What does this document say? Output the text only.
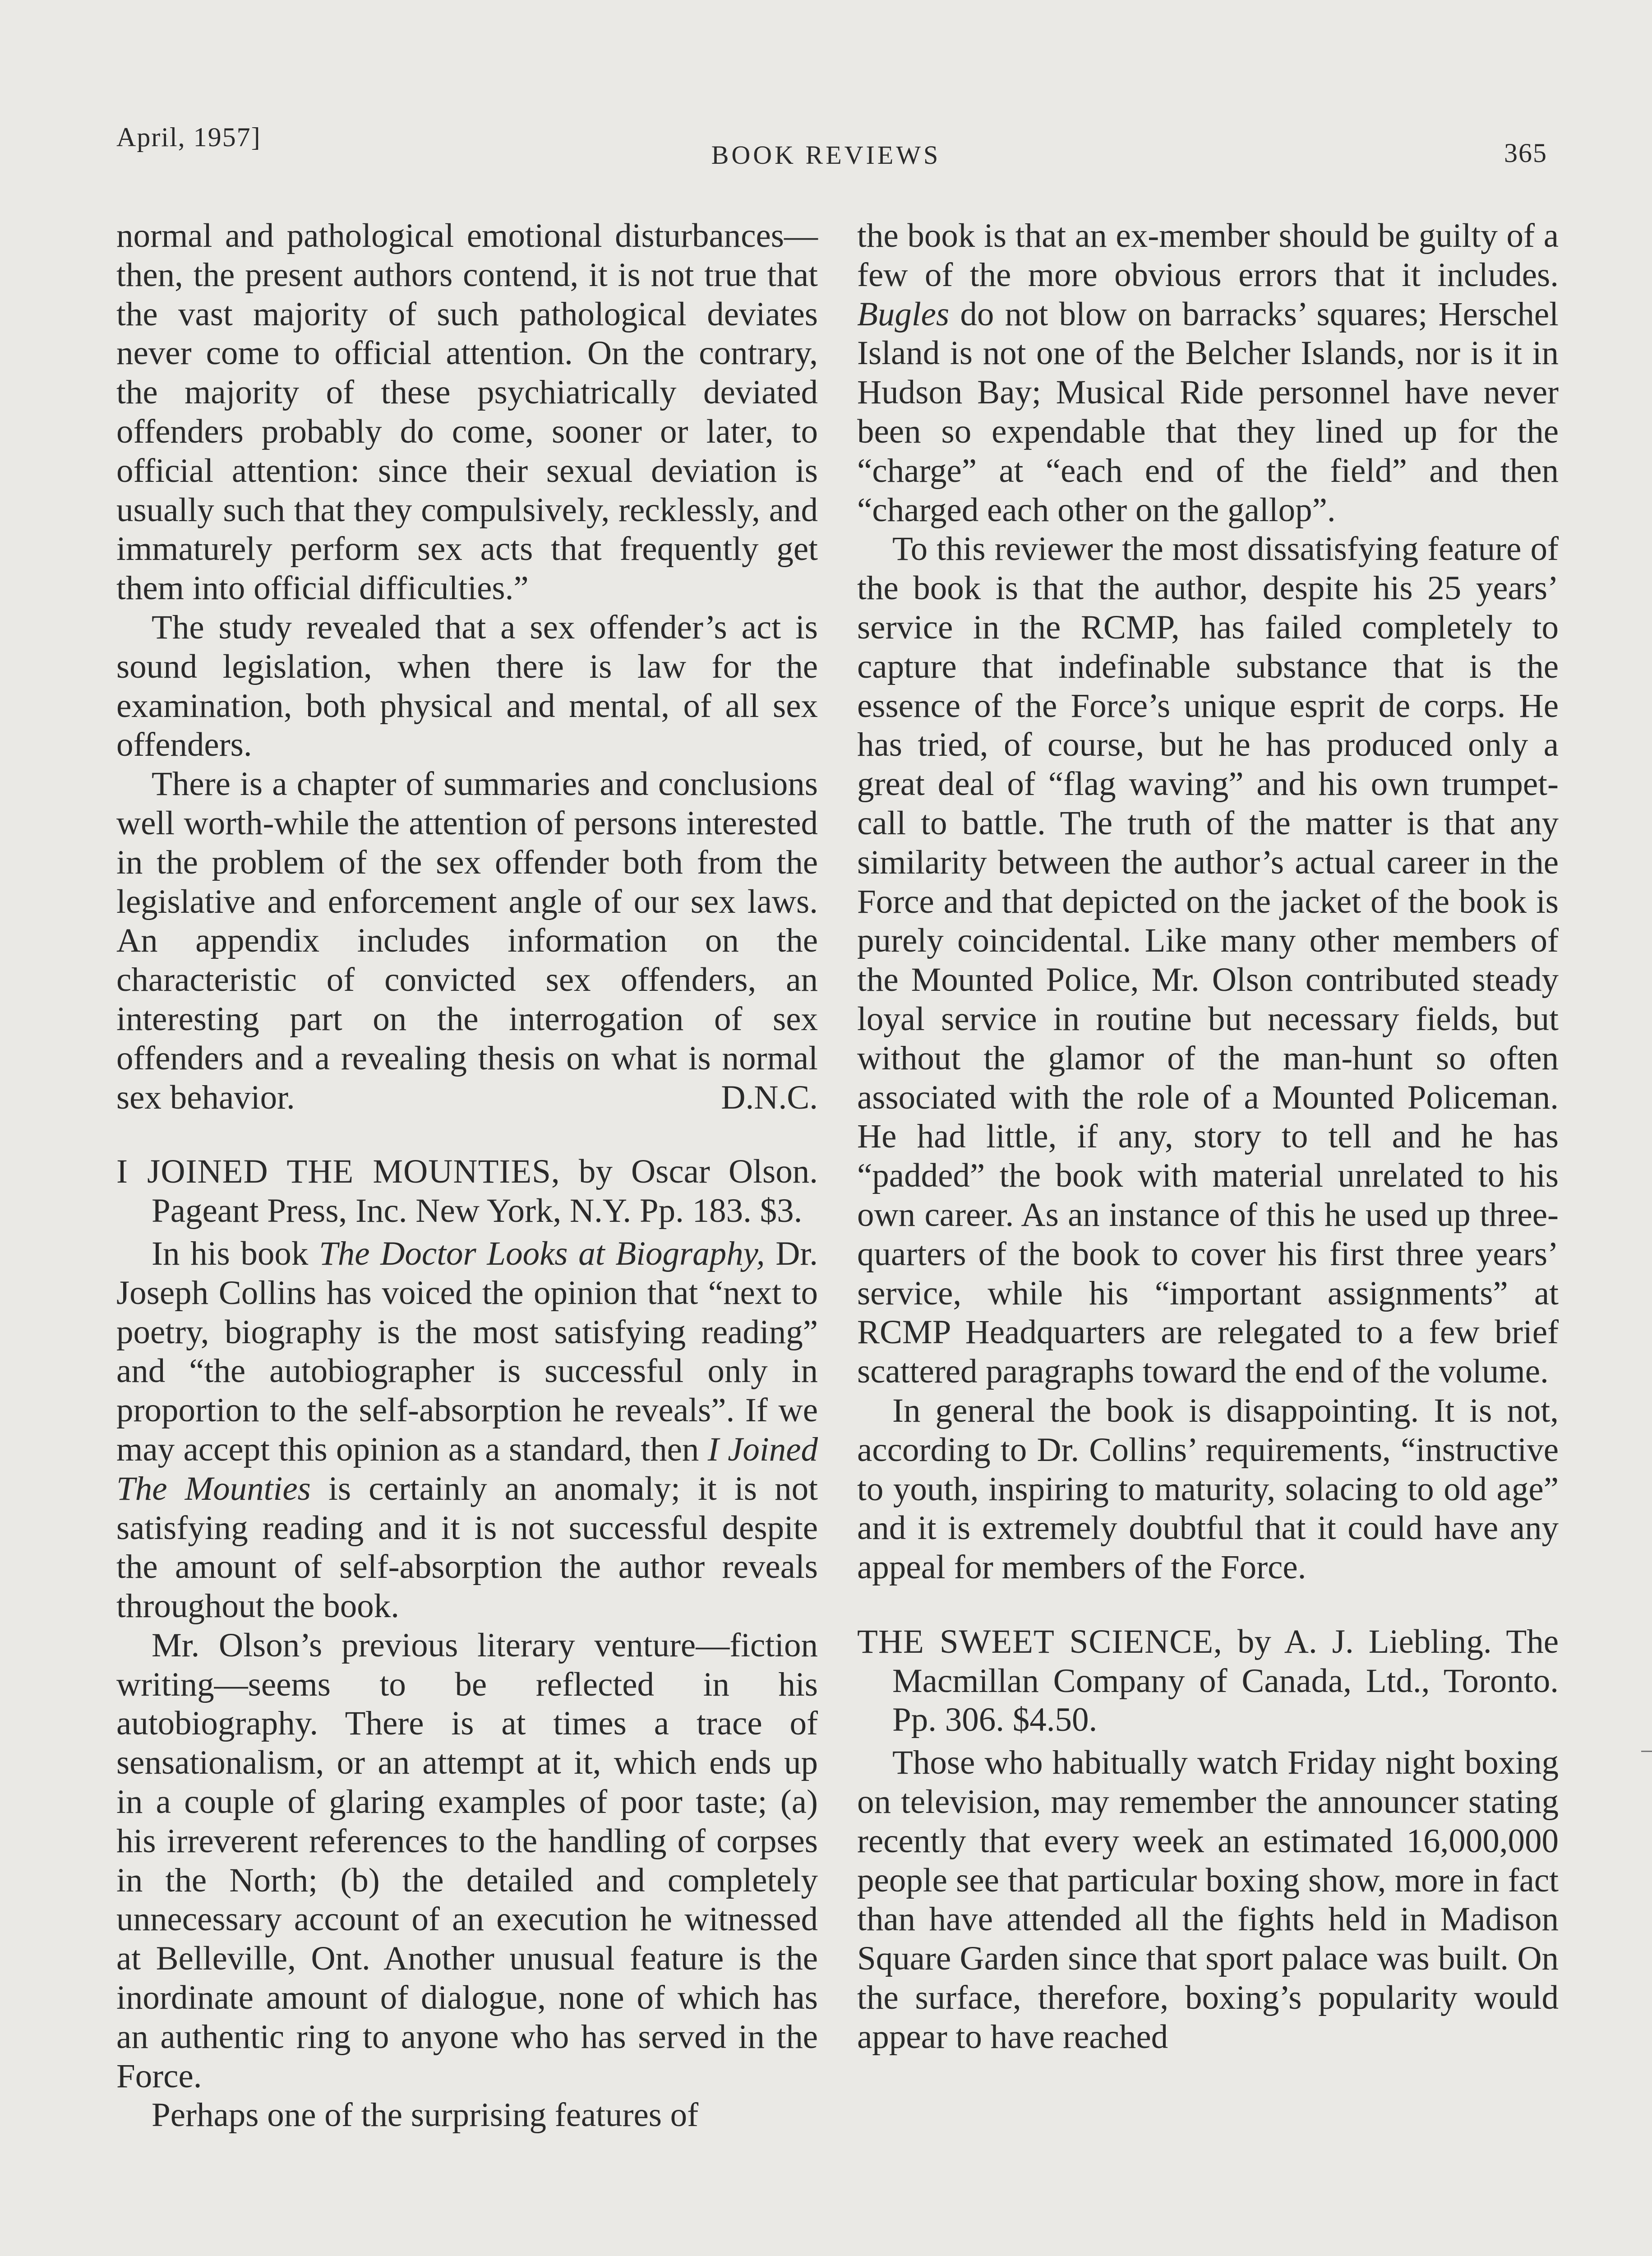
April, 1957]
BOOK REVIEWS	365

normal and pathological emotional disturbances—then, the present authors contend, it is not true that the vast majority of such pathological deviates never come to official attention. On the contrary, the majority of these psychiatrically deviated offenders probably do come, sooner or later, to official attention: since their sexual deviation is usually such that they compulsively, recklessly, and immaturely perform sex acts that frequently get them into official difficulties.”

The study revealed that a sex offender’s act is sound legislation, when there is law for the examination, both physical and mental, of all sex offenders.

There is a chapter of summaries and conclusions well worth-while the attention of persons interested in the problem of the sex offender both from the legislative and enforcement angle of our sex laws. An appendix includes information on the characteristic of convicted sex offenders, an interesting part on the interrogation of sex offenders and a revealing thesis on what is normal sex behavior.	D.N.C.

I JOINED THE MOUNTIES, by Oscar Olson. Pageant Press, Inc. New York, N.Y. Pp. 183. $3.

In his book The Doctor Looks at Biography, Dr. Joseph Collins has voiced the opinion that “next to poetry, biography is the most satisfying reading” and “the autobiographer is successful only in proportion to the self-absorption he reveals”. If we may accept this opinion as a standard, then I Joined The Mounties is certainly an anomaly; it is not satisfying reading and it is not successful despite the amount of self-absorption the author reveals throughout the book.

Mr. Olson’s previous literary venture—fiction writing—seems to be reflected in his autobiography. There is at times a trace of sensationalism, or an attempt at it, which ends up in a couple of glaring examples of poor taste; (a) his irreverent references to the handling of corpses in the North; (b) the detailed and completely unnecessary account of an execution he witnessed at Belleville, Ont. Another unusual feature is the inordinate amount of dialogue, none of which has an authentic ring to anyone who has served in the Force.

Perhaps one of the surprising features of

the book is that an ex-member should be guilty of a few of the more obvious errors that it includes. Bugles do not blow on barracks’ squares; Herschel Island is not one of the Belcher Islands, nor is it in Hudson Bay; Musical Ride personnel have never been so expendable that they lined up for the “charge” at “each end of the field” and then “charged each other on the gallop”.

To this reviewer the most dissatisfying feature of the book is that the author, despite his 25 years’ service in the RCMP, has failed completely to capture that indefinable substance that is the essence of the Force’s unique esprit de corps. He has tried, of course, but he has produced only a great deal of “flag waving” and his own trumpet-call to battle. The truth of the matter is that any similarity between the author’s actual career in the Force and that depicted on the jacket of the book is purely coincidental. Like many other members of the Mounted Police, Mr. Olson contributed steady loyal service in routine but necessary fields, but without the glamor of the man-hunt so often associated with the role of a Mounted Policeman. He had little, if any, story to tell and he has “padded” the book with material unrelated to his own career. As an instance of this he used up three-quarters of the book to cover his first three years’ service, while his “important assignments” at RCMP Headquarters are relegated to a few brief scattered paragraphs toward the end of the volume.

In general the book is disappointing. It is not, according to Dr. Collins’ requirements, “instructive to youth, inspiring to maturity, solacing to old age” and it is extremely doubtful that it could have any appeal for members of the Force.

THE SWEET SCIENCE, by A. J. Liebling. The Macmillan Company of Canada, Ltd., Toronto. Pp. 306. $4.50.

Those who habitually watch Friday night boxing on television, may remember the announcer stating recently that every week an estimated 16,000,000 people see that particular boxing show, more in fact than have attended all the fights held in Madison Square Garden since that sport palace was built. On the surface, therefore, boxing’s popularity would appear to have reached
